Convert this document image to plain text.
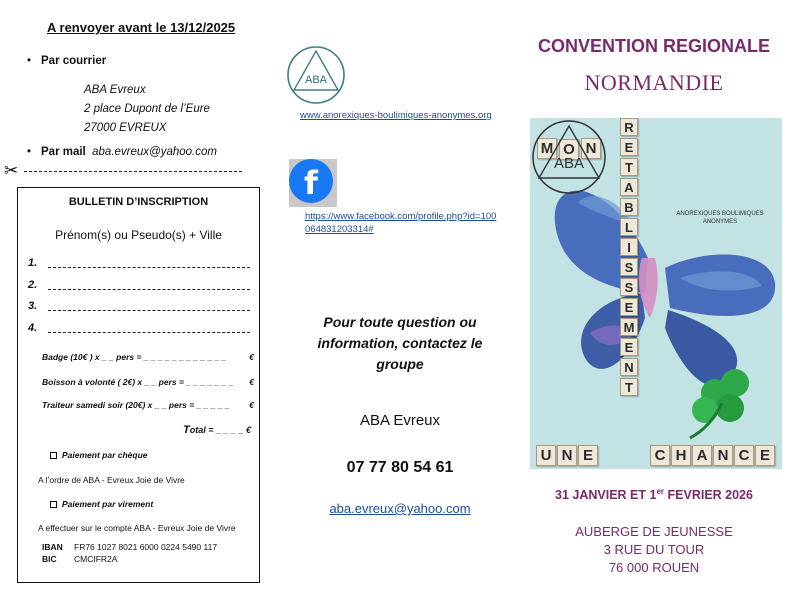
A renvoyer avant le 13/12/2025
• Par courrier
ABA Evreux
2 place Dupont de l’Eure
27000 EVREUX
• Par mail aba.evreux@yahoo.com
✂
BULLETIN D’INSCRIPTION
Prénom(s) ou Pseudo(s) + Ville
1.
2.
3.
4.
Badge (10€ ) x _ _ pers = _ _ _ _ _ _ _ _ _ _ _ _	€
Boisson à volonté ( 2€) x _ _ pers = _ _ _ _ _ _ _ €
Traiteur samedi soir (20€) x _ _ pers = _ _ _ _ _ €
Total = _ _ _ _ €
Paiement par chèque
A l’ordre de ABA - Evreux Joie de Vivre
Paiement par virement
A effectuer sur le compte ABA - Evreux Joie de Vivre
IBAN FR76 1027 8021 6000 0224 5490 117
BIC CMCIFR2A
ABA
www.anorexiques-boulimiques-anonymes.org
f
https://www.facebook.com/profile.php?id=100064831203314#
Pour toute question ou information, contactez le groupe
ABA Evreux
07 77 80 54 61
aba.evreux@yahoo.com
CONVENTION REGIONALE
NORMANDIE
M O N
R
E
T
A
B
L
I
S
S
E
M
E
N
T
U N E	C H A N C E
ABA
ANOREXIQUES BOULIMIQUES
ANONYMES
31 JANVIER ET 1er FEVRIER 2026
AUBERGE DE JEUNESSE
3 RUE DU TOUR
76 000 ROUEN
